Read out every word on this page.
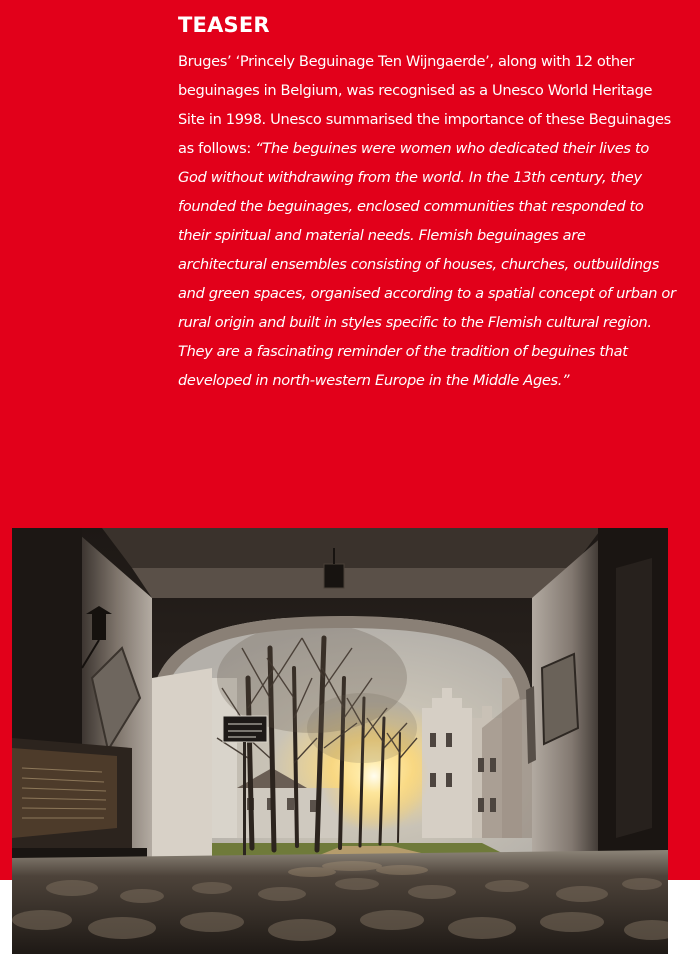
TEASER

Bruges’ ‘Princely Beguinage Ten Wijngaerde’, along with 12 other beguinages in Belgium, was recognised as a Unesco World Heritage Site in 1998. Unesco summarised the importance of these Beguinages as follows: “The beguines were women who dedicated their lives to God without withdrawing from the world. In the 13th century, they founded the beguinages, enclosed communities that responded to their spiritual and material needs. Flemish beguinages are architectural ensembles consisting of houses, churches, outbuildings and green spaces, organised according to a spatial concept of urban or rural origin and built in styles specific to the Flemish cultural region. They are a fascinating reminder of the tradition of beguines that developed in north-western Europe in the Middle Ages.”
